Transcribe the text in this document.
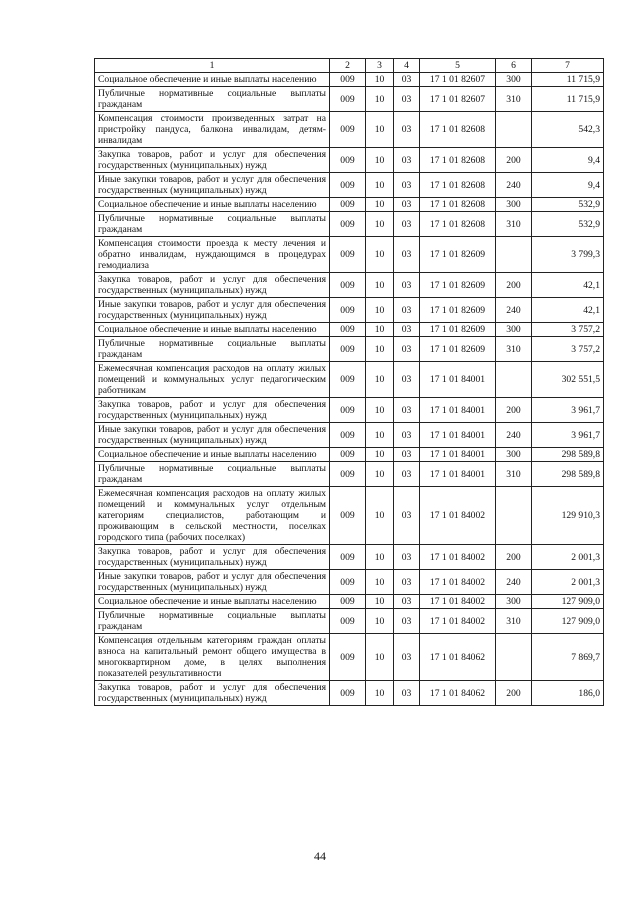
1	2	3	4	5	6	7
Социальное обеспечение и иные выплаты населению	009	10	03	17 1 01 82607	300	11 715,9
Публичные нормативные социальные выплаты гражданам	009	10	03	17 1 01 82607	310	11 715,9
Компенсация стоимости произведенных затрат на пристройку пандуса, балкона инвалидам, детям-инвалидам	009	10	03	17 1 01 82608		542,3
Закупка товаров, работ и услуг для обеспечения государственных (муниципальных) нужд	009	10	03	17 1 01 82608	200	9,4
Иные закупки товаров, работ и услуг для обеспечения государственных (муниципальных) нужд	009	10	03	17 1 01 82608	240	9,4
Социальное обеспечение и иные выплаты населению	009	10	03	17 1 01 82608	300	532,9
Публичные нормативные социальные выплаты гражданам	009	10	03	17 1 01 82608	310	532,9
Компенсация стоимости проезда к месту лечения и обратно инвалидам, нуждающимся в процедурах гемодиализа	009	10	03	17 1 01 82609		3 799,3
Закупка товаров, работ и услуг для обеспечения государственных (муниципальных) нужд	009	10	03	17 1 01 82609	200	42,1
Иные закупки товаров, работ и услуг для обеспечения государственных (муниципальных) нужд	009	10	03	17 1 01 82609	240	42,1
Социальное обеспечение и иные выплаты населению	009	10	03	17 1 01 82609	300	3 757,2
Публичные нормативные социальные выплаты гражданам	009	10	03	17 1 01 82609	310	3 757,2
Ежемесячная компенсация расходов на оплату жилых помещений и коммунальных услуг педагогическим работникам	009	10	03	17 1 01 84001		302 551,5
Закупка товаров, работ и услуг для обеспечения государственных (муниципальных) нужд	009	10	03	17 1 01 84001	200	3 961,7
Иные закупки товаров, работ и услуг для обеспечения государственных (муниципальных) нужд	009	10	03	17 1 01 84001	240	3 961,7
Социальное обеспечение и иные выплаты населению	009	10	03	17 1 01 84001	300	298 589,8
Публичные нормативные социальные выплаты гражданам	009	10	03	17 1 01 84001	310	298 589,8
Ежемесячная компенсация расходов на оплату жилых помещений и коммунальных услуг отдельным категориям специалистов, работающим и проживающим в сельской местности, поселках городского типа (рабочих поселках)	009	10	03	17 1 01 84002		129 910,3
Закупка товаров, работ и услуг для обеспечения государственных (муниципальных) нужд	009	10	03	17 1 01 84002	200	2 001,3
Иные закупки товаров, работ и услуг для обеспечения государственных (муниципальных) нужд	009	10	03	17 1 01 84002	240	2 001,3
Социальное обеспечение и иные выплаты населению	009	10	03	17 1 01 84002	300	127 909,0
Публичные нормативные социальные выплаты гражданам	009	10	03	17 1 01 84002	310	127 909,0
Компенсация отдельным категориям граждан оплаты взноса на капитальный ремонт общего имущества в многоквартирном доме, в целях выполнения показателей результативности	009	10	03	17 1 01 84062		7 869,7
Закупка товаров, работ и услуг для обеспечения государственных (муниципальных) нужд	009	10	03	17 1 01 84062	200	186,0
44
